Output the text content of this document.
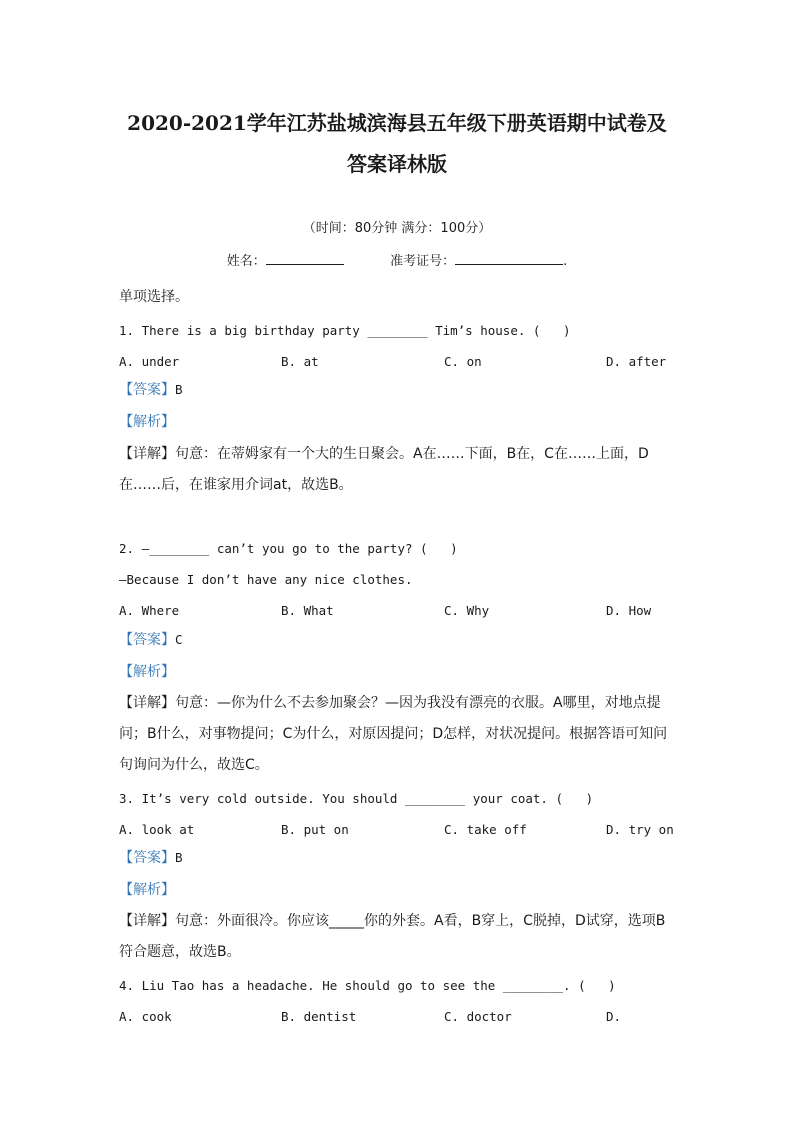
2020-2021学年江苏盐城滨海县五年级下册英语期中试卷及
答案译林版
（时间：80分钟 满分：100分）
姓名：	准考证号：	.
单项选择。
1. There is a big birthday party ________ Tim’s house. (   )
A. under	B. at	C. on	D. after
【答案】B
【解析】
【详解】句意：在蒂姆家有一个大的生日聚会。A在……下面，B在，C在……上面，D
在……后，在谁家用介词at，故选B。
2. —________ can’t you go to the party? (   )
—Because I don’t have any nice clothes.
A. Where	B. What	C. Why	D. How
【答案】C
【解析】
【详解】句意：—你为什么不去参加聚会？—因为我没有漂亮的衣服。A哪里，对地点提
问；B什么，对事物提问；C为什么，对原因提问；D怎样，对状况提问。根据答语可知问
句询问为什么，故选C。
3. It’s very cold outside. You should ________ your coat. (   )
A. look at	B. put on	C. take off	D. try on
【答案】B
【解析】
【详解】句意：外面很冷。你应该_____你的外套。A看，B穿上，C脱掉，D试穿，选项B
符合题意，故选B。
4. Liu Tao has a headache. He should go to see the ________. (   )
A. cook	B. dentist	C. doctor	D.
